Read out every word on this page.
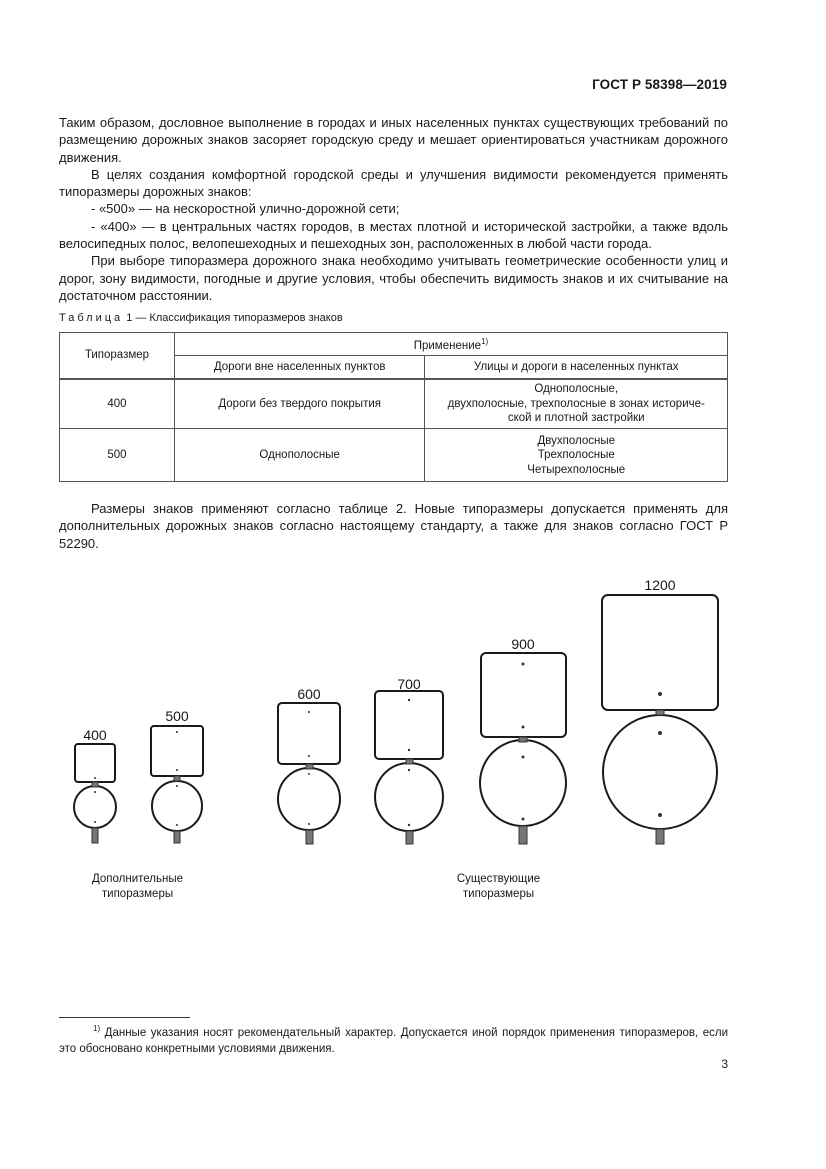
ГОСТ Р 58398—2019

Таким образом, дословное выполнение в городах и иных населенных пунктах существующих требований по размещению дорожных знаков засоряет городскую среду и мешает ориентироваться участникам дорожного движения.

В целях создания комфортной городской среды и улучшения видимости рекомендуется применять типоразмеры дорожных знаков:

- «500» — на нескоростной улично-дорожной сети;

- «400» — в центральных частях городов, в местах плотной и исторической застройки, а также вдоль велосипедных полос, велопешеходных и пешеходных зон, расположенных в любой части города.

При выборе типоразмера дорожного знака необходимо учитывать геометрические особенности улиц и дорог, зону видимости, погодные и другие условия, чтобы обеспечить видимость знаков и их считывание на достаточном расстоянии.

Таблица 1 — Классификация типоразмеров знаков
Типоразмер	Применение$^{1)}$
	Дороги вне населенных пунктов	Улицы и дороги в населенных пунктах
400	Дороги без твердого покрытия	Однополосные,
двухполосные, трехполосные в зонах историче-
ской и плотной застройки

500	Однополосные	Двухполосные
Трехполосные
Четырехполосные

Размеры знаков применяют согласно таблице 2. Новые типоразмеры допускается применять для дополнительных дорожных знаков согласно настоящему стандарту, а также для знаков согласно ГОСТ Р 52290.

400
500
600
700
900
1200
Дополнительные
типоразмеры
Существующие
типоразмеры

$^{1)}$ Данные указания носят рекомендательный характер. Допускается иной порядок применения типоразмеров, если это обосновано конкретными условиями движения.

3
